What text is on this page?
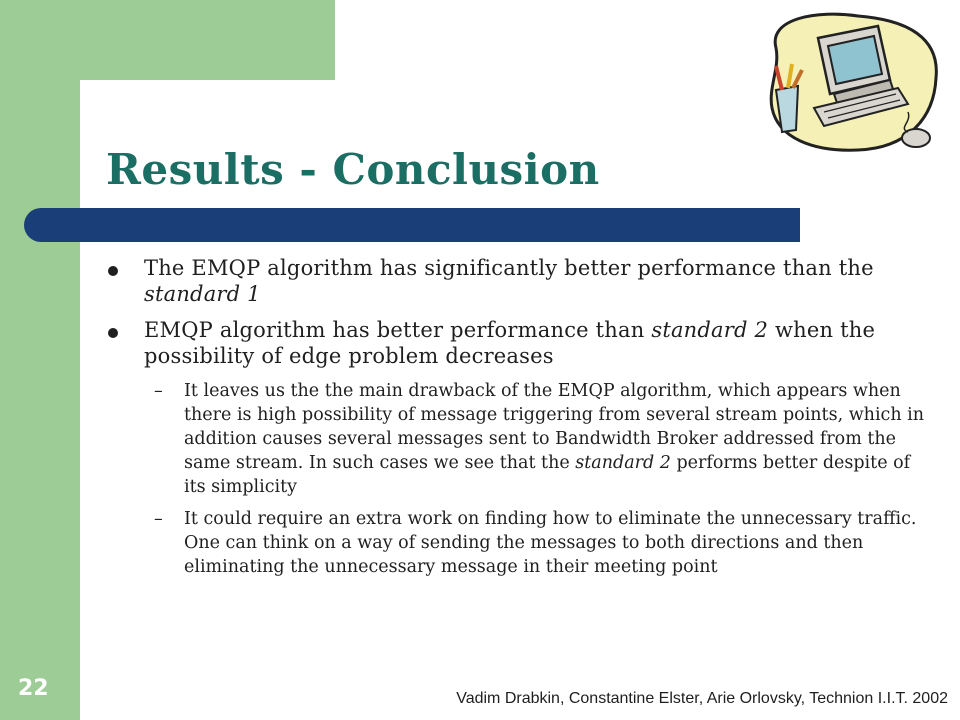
Results - Conclusion
The EMQP algorithm has significantly better performance than the standard 1
EMQP algorithm has better performance than standard 2 when the possibility of edge problem decreases
– It leaves us the the main drawback of the EMQP algorithm, which appears when there is high possibility of message triggering from several stream points, which in addition causes several messages sent to Bandwidth Broker addressed from the same stream. In such cases we see that the standard 2 performs better despite of its simplicity
– It could require an extra work on finding how to eliminate the unnecessary traffic. One can think on a way of sending the messages to both directions and then eliminating the unnecessary message in their meeting point

22	Vadim Drabkin, Constantine Elster, Arie Orlovsky, Technion I.I.T. 2002
